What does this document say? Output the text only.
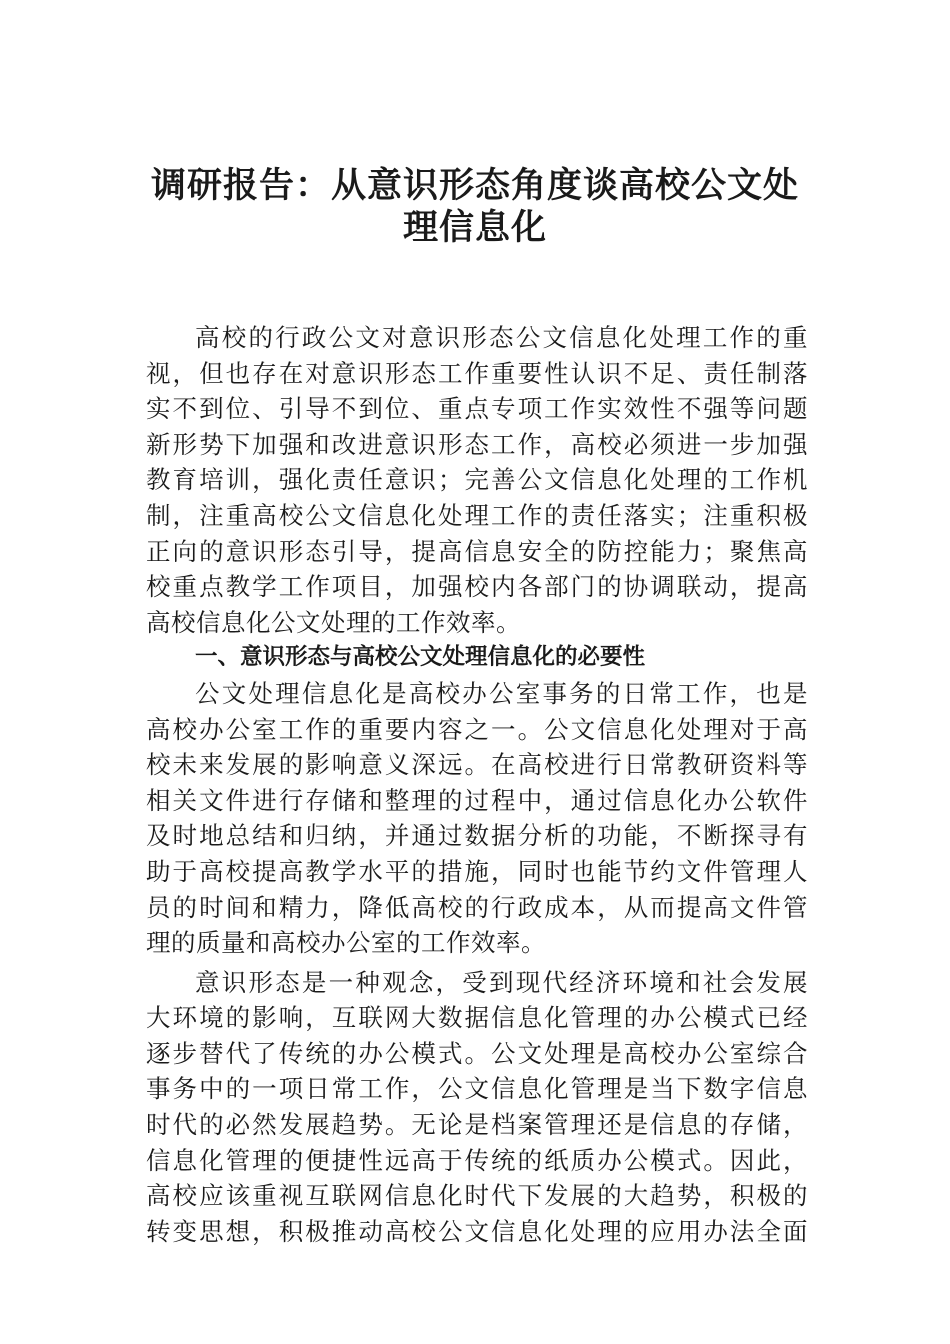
调研报告：从意识形态角度谈高校公文处
理信息化
高校的行政公文对意识形态公文信息化处理工作的重
视，但也存在对意识形态工作重要性认识不足、责任制落
实不到位、引导不到位、重点专项工作实效性不强等问题
新形势下加强和改进意识形态工作，高校必须进一步加强
教育培训，强化责任意识；完善公文信息化处理的工作机
制，注重高校公文信息化处理工作的责任落实；注重积极
正向的意识形态引导，提高信息安全的防控能力；聚焦高
校重点教学工作项目，加强校内各部门的协调联动，提高
高校信息化公文处理的工作效率。
一、意识形态与高校公文处理信息化的必要性
公文处理信息化是高校办公室事务的日常工作，也是
高校办公室工作的重要内容之一。公文信息化处理对于高
校未来发展的影响意义深远。在高校进行日常教研资料等
相关文件进行存储和整理的过程中，通过信息化办公软件
及时地总结和归纳，并通过数据分析的功能，不断探寻有
助于高校提高教学水平的措施，同时也能节约文件管理人
员的时间和精力，降低高校的行政成本，从而提高文件管
理的质量和高校办公室的工作效率。
意识形态是一种观念，受到现代经济环境和社会发展
大环境的影响，互联网大数据信息化管理的办公模式已经
逐步替代了传统的办公模式。公文处理是高校办公室综合
事务中的一项日常工作，公文信息化管理是当下数字信息
时代的必然发展趋势。无论是档案管理还是信息的存储，
信息化管理的便捷性远高于传统的纸质办公模式。因此，
高校应该重视互联网信息化时代下发展的大趋势，积极的
转变思想，积极推动高校公文信息化处理的应用办法全面
